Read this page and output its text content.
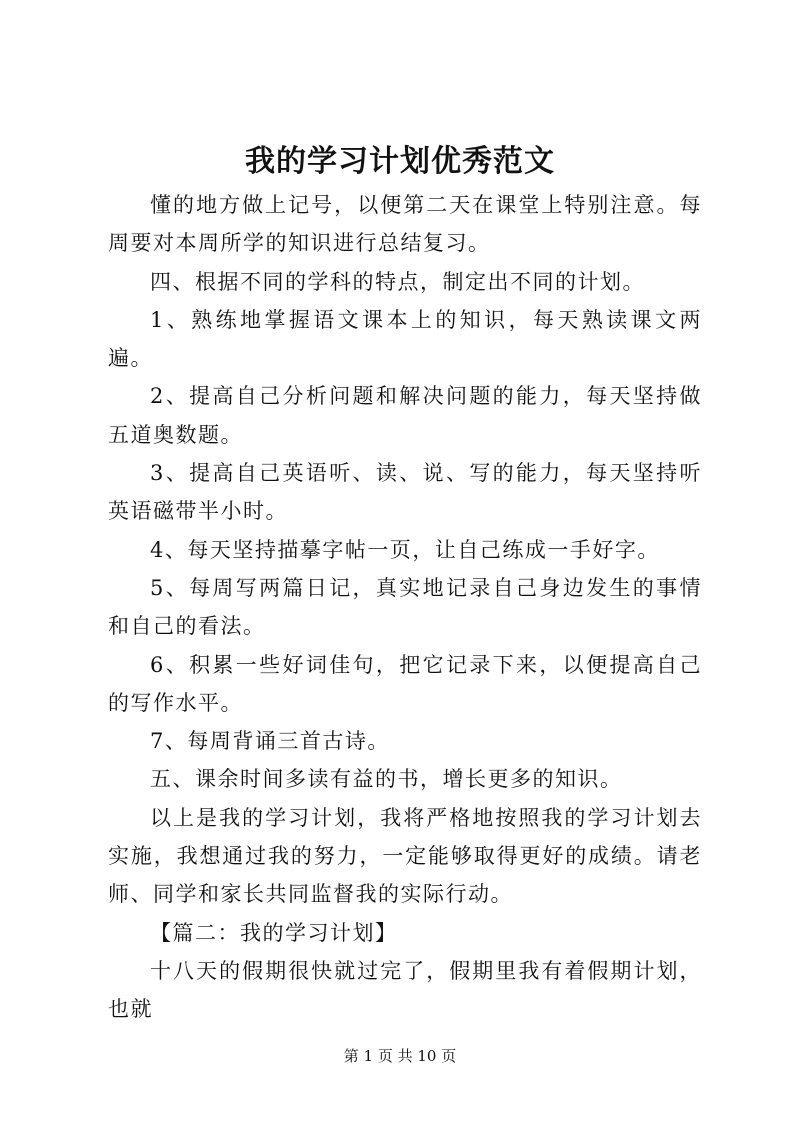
我的学习计划优秀范文

懂的地方做上记号，以便第二天在课堂上特别注意。每周要对本周所学的知识进行总结复习。

四、根据不同的学科的特点，制定出不同的计划。

1、熟练地掌握语文课本上的知识，每天熟读课文两遍。

2、提高自己分析问题和解决问题的能力，每天坚持做五道奥数题。

3、提高自己英语听、读、说、写的能力，每天坚持听英语磁带半小时。

4、每天坚持描摹字帖一页，让自己练成一手好字。

5、每周写两篇日记，真实地记录自己身边发生的事情和自己的看法。

6、积累一些好词佳句，把它记录下来，以便提高自己的写作水平。

7、每周背诵三首古诗。

五、课余时间多读有益的书，增长更多的知识。

以上是我的学习计划，我将严格地按照我的学习计划去实施，我想通过我的努力，一定能够取得更好的成绩。请老师、同学和家长共同监督我的实际行动。

【篇二：我的学习计划】

十八天的假期很快就过完了，假期里我有着假期计划，也就

第 1 页 共 10 页
